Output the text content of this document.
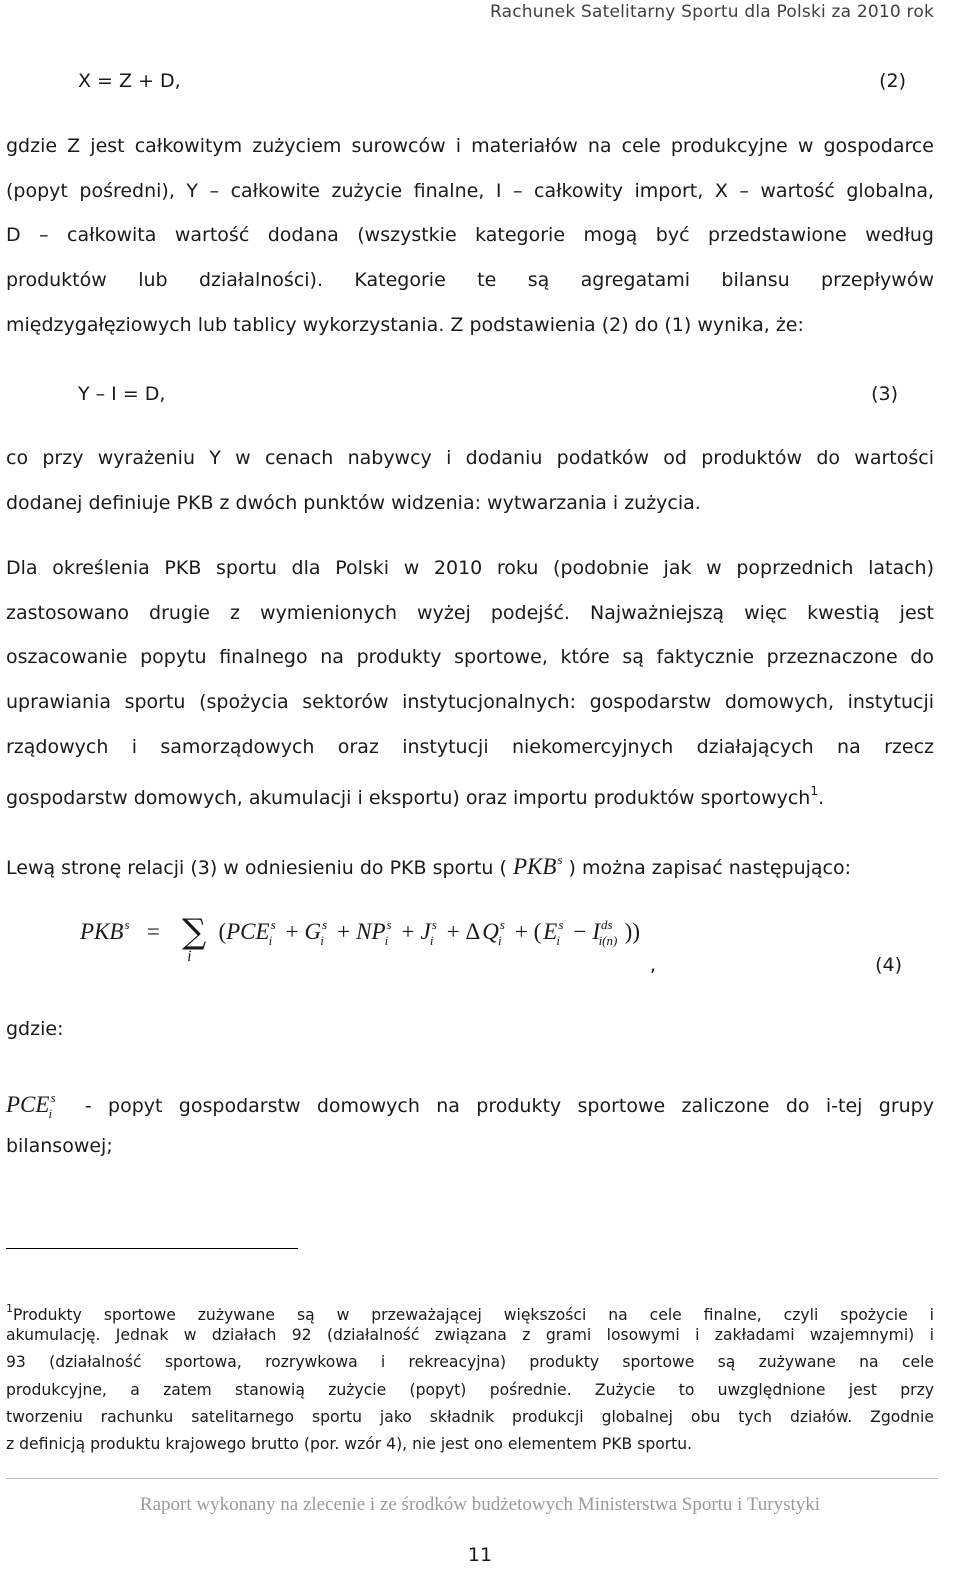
Rachunek Satelitarny Sportu dla Polski za 2010 rok
X = Z + D,	(2)
gdzie Z jest całkowitym zużyciem surowców i materiałów na cele produkcyjne w gospodarce
(popyt pośredni), Y – całkowite zużycie finalne, I – całkowity import, X – wartość globalna,
D – całkowita wartość dodana (wszystkie kategorie mogą być przedstawione według
produktów lub działalności). Kategorie te są agregatami bilansu przepływów
międzygałęziowych lub tablicy wykorzystania. Z podstawienia (2) do (1) wynika, że:
Y – I = D,	(3)
co przy wyrażeniu Y w cenach nabywcy i dodaniu podatków od produktów do wartości
dodanej definiuje PKB z dwóch punktów widzenia: wytwarzania i zużycia.
Dla określenia PKB sportu dla Polski w 2010 roku (podobnie jak w poprzednich latach)
zastosowano drugie z wymienionych wyżej podejść. Najważniejszą więc kwestią jest
oszacowanie popytu finalnego na produkty sportowe, które są faktycznie przeznaczone do
uprawiania sportu (spożycia sektorów instytucjonalnych: gospodarstw domowych, instytucji
rządowych i samorządowych oraz instytucji niekomercyjnych działających na rzecz
gospodarstw domowych, akumulacji i eksportu) oraz importu produktów sportowych$^1$.
Lewą stronę relacji (3) w odniesieniu do PKB sportu ( PKB$^s$ ) można zapisać następująco:
$PKB^s$ = ∑
i
($PCE^s_i + G^s_i + NP^s_i + J^s_i + \Delta Q^s_i + (E^s_i - I^{ds}_{i(n)}$ ))
,	(4)
gdzie:
$PCE^s_i$ - popyt gospodarstw domowych na produkty sportowe zaliczone do i-tej grupy
bilansowej;
$^1$Produkty sportowe zużywane są w przeważającej większości na cele finalne, czyli spożycie i
akumulację. Jednak w działach 92 (działalność związana z grami losowymi i zakładami wzajemnymi) i
93 (działalność sportowa, rozrywkowa i rekreacyjna) produkty sportowe są zużywane na cele
produkcyjne, a zatem stanowią zużycie (popyt) pośrednie. Zużycie to uwzględnione jest przy
tworzeniu rachunku satelitarnego sportu jako składnik produkcji globalnej obu tych działów. Zgodnie
z definicją produktu krajowego brutto (por. wzór 4), nie jest ono elementem PKB sportu.
Raport wykonany na zlecenie i ze środków budżetowych Ministerstwa Sportu i Turystyki
11
